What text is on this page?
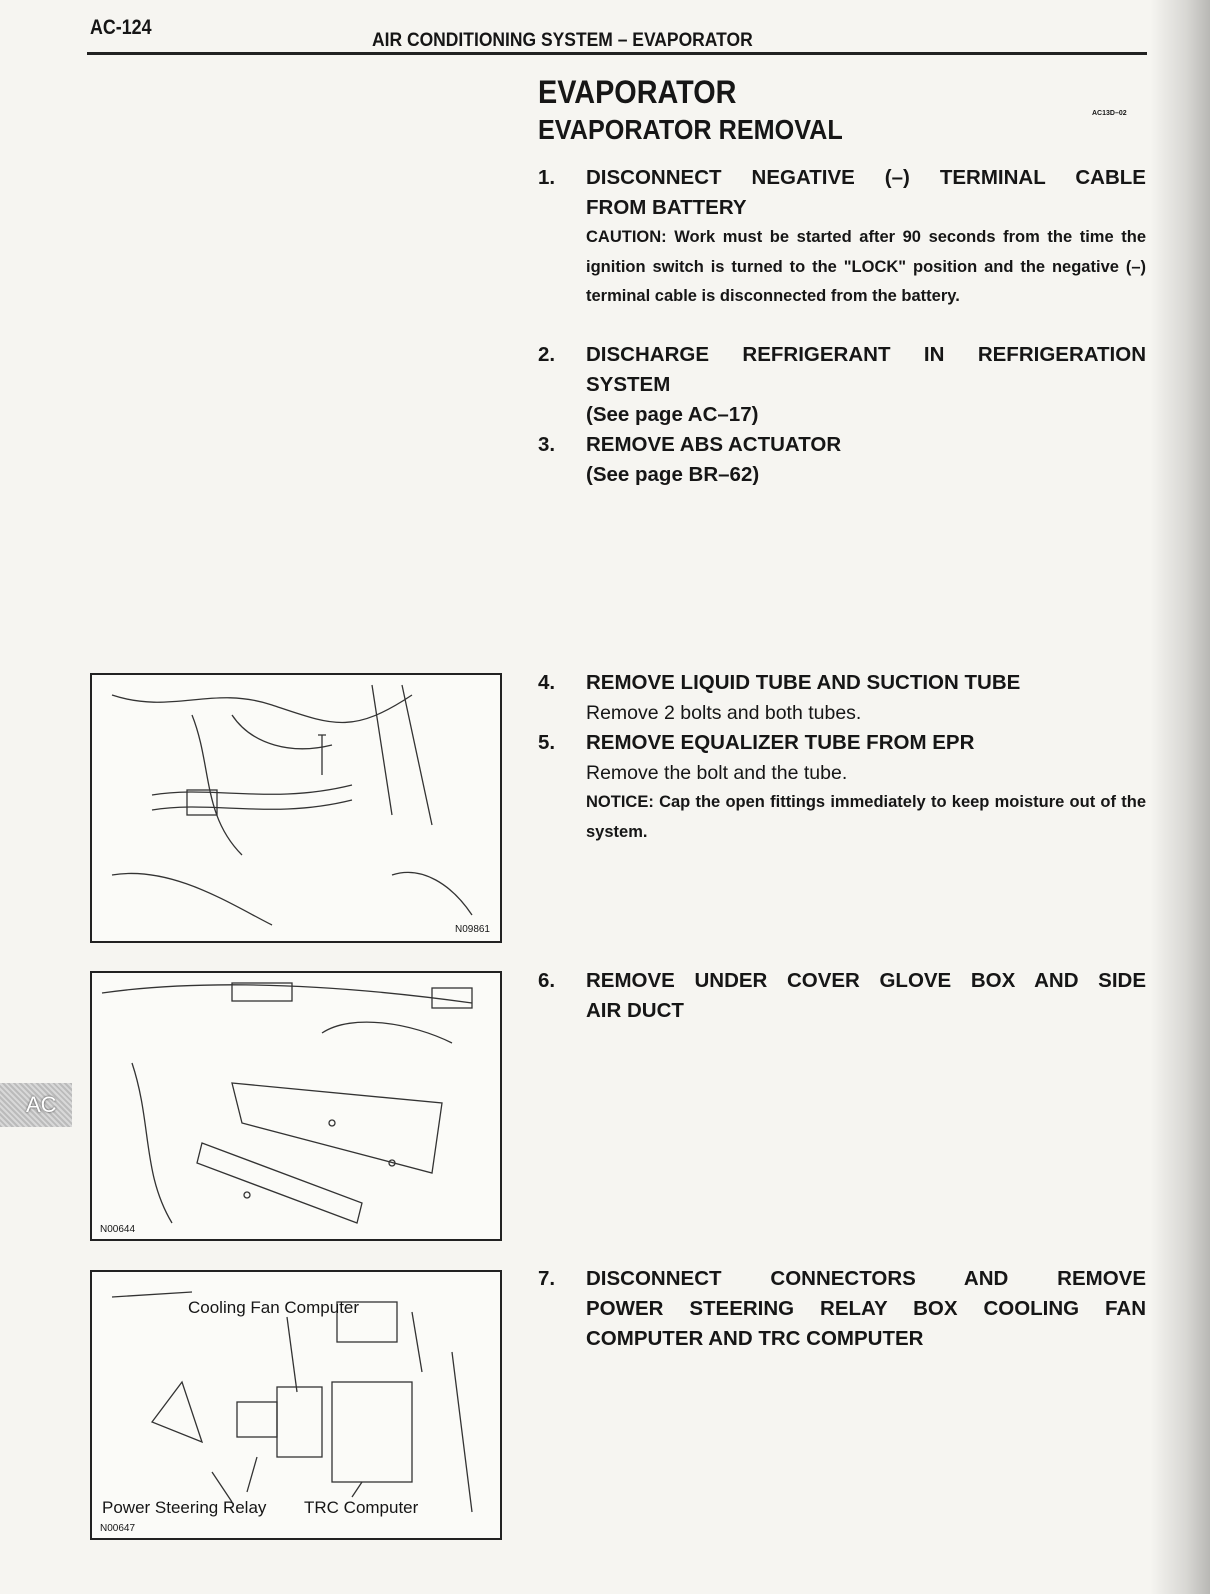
AC-124
AIR CONDITIONING SYSTEM – EVAPORATOR
EVAPORATOR
EVAPORATOR REMOVAL
AC13D–02
1. DISCONNECT NEGATIVE (–) TERMINAL CABLE
FROM BATTERY
CAUTION: Work must be started after 90 seconds from the time the ignition switch is turned to the "LOCK" position and the negative (–) terminal cable is disconnected from the battery.
2. DISCHARGE REFRIGERANT IN REFRIGERATION
SYSTEM
(See page AC–17)
3. REMOVE ABS ACTUATOR
(See page BR–62)
4. REMOVE LIQUID TUBE AND SUCTION TUBE
Remove 2 bolts and both tubes.
5. REMOVE EQUALIZER TUBE FROM EPR
Remove the bolt and the tube.
NOTICE: Cap the open fittings immediately to keep moisture out of the system.
6. REMOVE UNDER COVER GLOVE BOX AND SIDE
AIR DUCT
7. DISCONNECT CONNECTORS AND REMOVE
POWER STEERING RELAY BOX COOLING FAN
COMPUTER AND TRC COMPUTER
N09861
N00644
Cooling Fan Computer
Power Steering Relay TRC Computer
N00647
AC
